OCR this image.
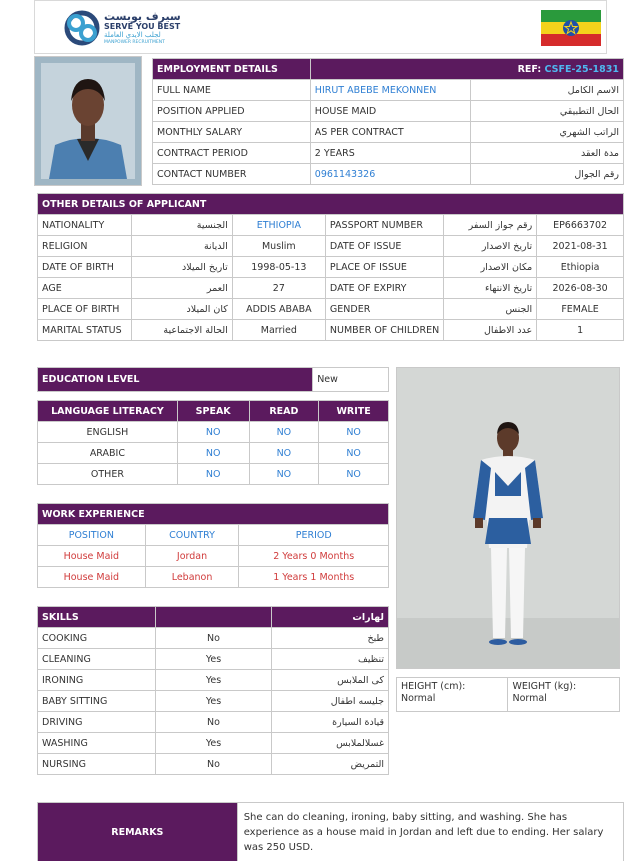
سيرف يوبست
SERVE YOU BEST
لجلب الايدي العاملة
MANPOWER RECRUITMENT
EMPLOYMENT DETAILS	REF: CSFE-25-1831	
FULL NAME	HIRUT ABEBE MEKONNEN	الاسم الكامل
POSITION APPLIED	HOUSE MAID	الحال التطبيقي
MONTHLY SALARY	AS PER CONTRACT	الراتب الشهري
CONTRACT PERIOD	2 YEARS	مدة العقد
CONTACT NUMBER	0961143326	رقم الجوال
OTHER DETAILS OF APPLICANT					
NATIONALITY	الجنسية	ETHIOPIA	PASSPORT NUMBER	رقم جواز السفر	EP6663702
RELIGION	الديانة	Muslim	DATE OF ISSUE	تاريخ الاصدار	2021-08-31
DATE OF BIRTH	تاريخ الميلاد	1998-05-13	PLACE OF ISSUE	مكان الاصدار	Ethiopia
AGE	العمر	27	DATE OF EXPIRY	تاريخ الانتهاء	2026-08-30
PLACE OF BIRTH	كان الميلاد	ADDIS ABABA	GENDER	الجنس	FEMALE
MARITAL STATUS	الحالة الاجتماعية	Married	NUMBER OF CHILDREN	عدد الاطفال	1
EDUCATION LEVEL	New
LANGUAGE LITERACY	SPEAK	READ	WRITE
ENGLISH	NO	NO	NO
ARABIC	NO	NO	NO
OTHER	NO	NO	NO
WORK EXPERIENCE		
POSITION	COUNTRY	PERIOD
House Maid	Jordan	2 Years 0 Months
House Maid	Lebanon	1 Years 1 Months
SKILLS		لهارات
COOKING	No	طبخ
CLEANING	Yes	تنظيف
IRONING	Yes	كى الملابس
BABY SITTING	Yes	جليسه اطفال
DRIVING	No	قيادة السيارة
WASHING	Yes	غسلالملابس
NURSING	No	التمريض
HEIGHT (cm):
Normal

WEIGHT (kg):
Normal
REMARKS	She can do cleaning, ironing, baby sitting, and washing. She has experience as a house maid in Jordan and left due to ending. Her salary was 250 USD.
